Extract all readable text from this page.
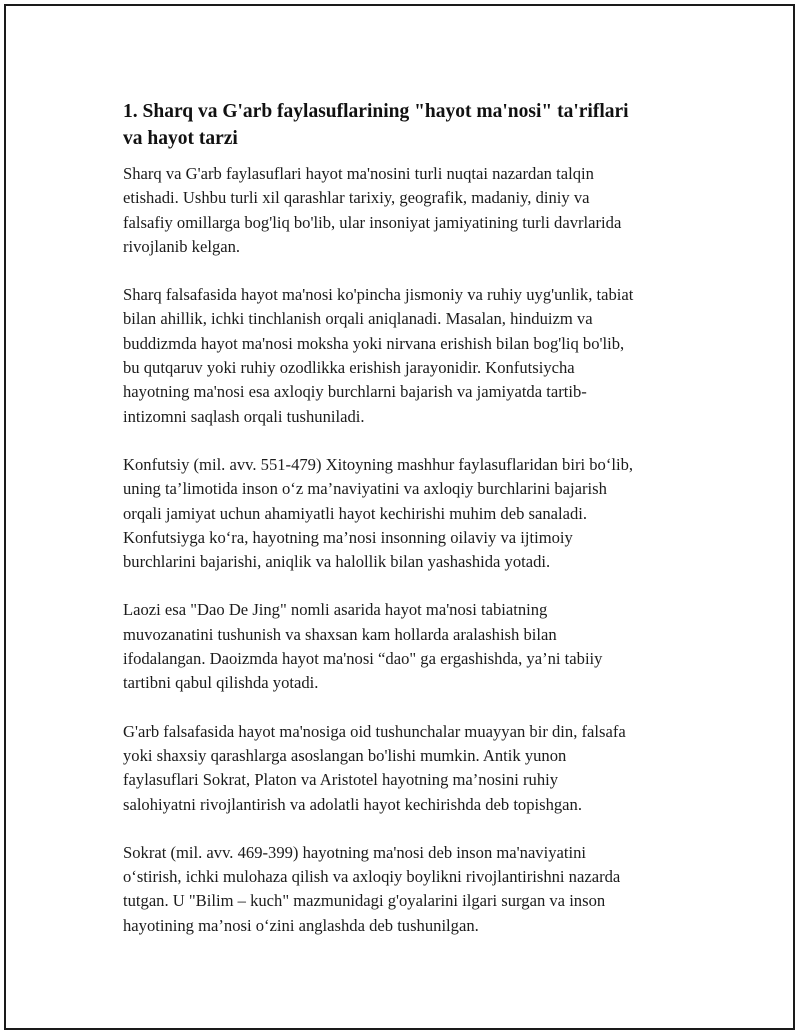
1. Sharq va G'arb faylasuflarining "hayot ma'nosi" ta'riflari
va hayot tarzi

Sharq va G'arb faylasuflari hayot ma'nosini turli nuqtai nazardan talqin
etishadi. Ushbu turli xil qarashlar tarixiy, geografik, madaniy, diniy va
falsafiy omillarga bog'liq bo'lib, ular insoniyat jamiyatining turli davrlarida
rivojlanib kelgan.

Sharq falsafasida hayot ma'nosi ko'pincha jismoniy va ruhiy uyg'unlik, tabiat
bilan ahillik, ichki tinchlanish orqali aniqlanadi. Masalan, hinduizm va
buddizmda hayot ma'nosi moksha yoki nirvana erishish bilan bog'liq bo'lib,
bu qutqaruv yoki ruhiy ozodlikka erishish jarayonidir. Konfutsiycha
hayotning ma'nosi esa axloqiy burchlarni bajarish va jamiyatda tartib-
intizomni saqlash orqali tushuniladi.

Konfutsiy (mil. avv. 551-479) Xitoyning mashhur faylasuflaridan biri bo‘lib,
uning ta’limotida inson o‘z ma’naviyatini va axloqiy burchlarini bajarish
orqali jamiyat uchun ahamiyatli hayot kechirishi muhim deb sanaladi.
Konfutsiyga ko‘ra, hayotning ma’nosi insonning oilaviy va ijtimoiy
burchlarini bajarishi, aniqlik va halollik bilan yashashida yotadi.

Laozi esa "Dao De Jing" nomli asarida hayot ma'nosi tabiatning
muvozanatini tushunish va shaxsan kam hollarda aralashish bilan
ifodalangan. Daoizmda hayot ma'nosi “dao" ga ergashishda, ya’ni tabiiy
tartibni qabul qilishda yotadi.

G'arb falsafasida hayot ma'nosiga oid tushunchalar muayyan bir din, falsafa
yoki shaxsiy qarashlarga asoslangan bo'lishi mumkin. Antik yunon
faylasuflari Sokrat, Platon va Aristotel hayotning ma’nosini ruhiy
salohiyatni rivojlantirish va adolatli hayot kechirishda deb topishgan.

Sokrat (mil. avv. 469-399) hayotning ma'nosi deb inson ma'naviyatini
o‘stirish, ichki mulohaza qilish va axloqiy boylikni rivojlantirishni nazarda
tutgan. U "Bilim – kuch" mazmunidagi g'oyalarini ilgari surgan va inson
hayotining ma’nosi o‘zini anglashda deb tushunilgan.
